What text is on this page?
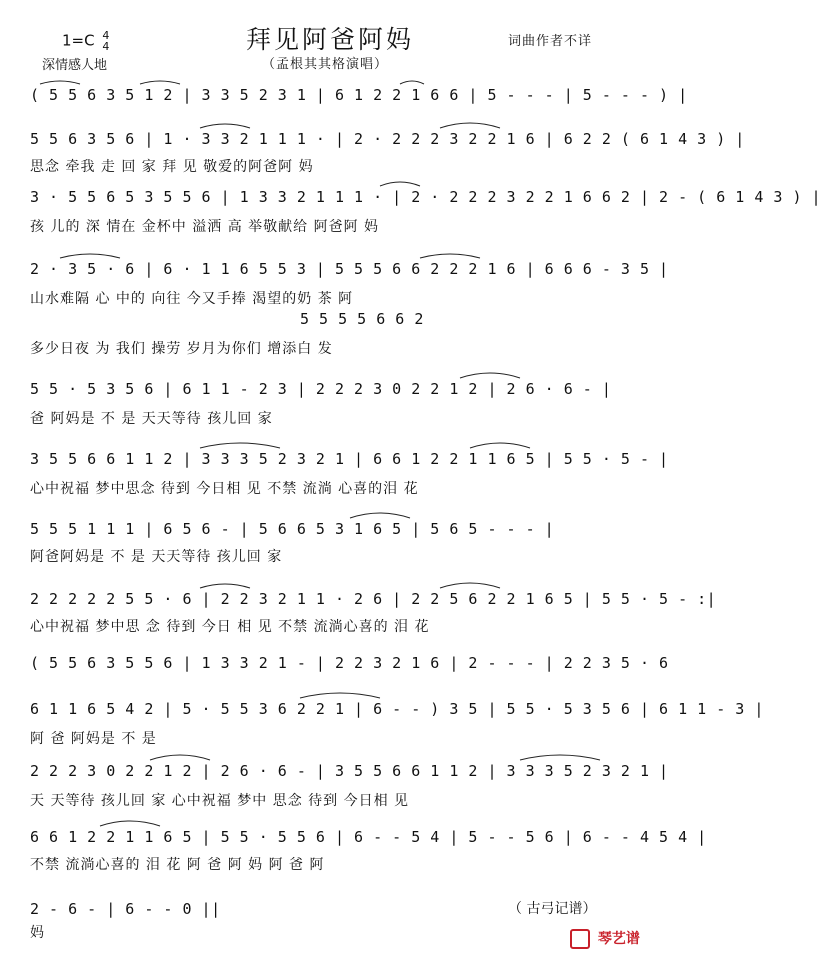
拜见阿爸阿妈
1=C 4
4
深情感人地
词曲作者不详
（孟根其其格演唱）
( 5 5 6 3 5 1 2 | 3 3 5 2 3 1 | 6 1 2 2 1 6 6 | 5 - - - | 5 - - - ) |
5 5 6 3 5 6 | 1 · 3 3 2 1 1 1 · | 2 · 2 2 2 3 2 2 1 6 | 6 2 2 ( 6 1 4 3 ) |
思念 牵我 走 回 家 拜 见 敬爱的阿爸阿 妈
3 · 5 5 6 5 3 5 5 6 | 1 3 3 2 1 1 1 · | 2 · 2 2 2 3 2 2 1 6 6 2 | 2 - ( 6 1 4 3 ) |
孩 儿的 深 情在 金杯中 溢洒 高 举敬献给 阿爸阿 妈
2 · 3 5 · 6 | 6 · 1 1 6 5 5 3 | 5 5 5 6 6 2 2 2 1 6 | 6 6 6 - 3 5 |
山水难隔 心 中的 向往 今又手捧 渴望的奶 茶 阿
5 5 5 5 6 6 2
多少日夜 为 我们 操劳 岁月为你们 增添白 发
5 5 · 5 3 5 6 | 6 1 1 - 2 3 | 2 2 2 3 0 2 2 1 2 | 2 6 · 6 - |
爸 阿妈是 不 是 天天等待 孩儿回 家
3 5 5 6 6 1 1 2 | 3 3 3 5 2 3 2 1 | 6 6 1 2 2 1 1 6 5 | 5 5 · 5 - |
心中祝福 梦中思念 待到 今日相 见 不禁 流淌 心喜的泪 花
5 5 5 1 1 1 | 6 5 6 - | 5 6 6 5 3 1 6 5 | 5 6 5 - - - |
阿爸阿妈是 不 是 天天等待 孩儿回 家
2 2 2 2 2 5 5 · 6 | 2 2 3 2 1 1 · 2 6 | 2 2 5 6 2 2 1 6 5 | 5 5 · 5 - :|
心中祝福 梦中思 念 待到 今日 相 见 不禁 流淌心喜的 泪 花
( 5 5 6 3 5 5 6 | 1 3 3 2 1 - | 2 2 3 2 1 6 | 2 - - - | 2 2 3 5 · 6
6 1 1 6 5 4 2 | 5 · 5 5 3 6 2 2 1 | 6 - - ) 3 5 | 5 5 · 5 3 5 6 | 6 1 1 - 3 |
阿 爸 阿妈是 不 是
2 2 2 3 0 2 2 1 2 | 2 6 · 6 - | 3 5 5 6 6 1 1 2 | 3 3 3 5 2 3 2 1 |
天 天等待 孩儿回 家 心中祝福 梦中 思念 待到 今日相 见
6 6 1 2 2 1 1 6 5 | 5 5 · 5 5 6 | 6 - - 5 4 | 5 - - 5 6 | 6 - - 4 5 4 |
不禁 流淌心喜的 泪 花 阿 爸 阿 妈 阿 爸 阿
2 - 6 - | 6 - - 0 ||
妈
（ 古弓记谱）
琴艺谱
